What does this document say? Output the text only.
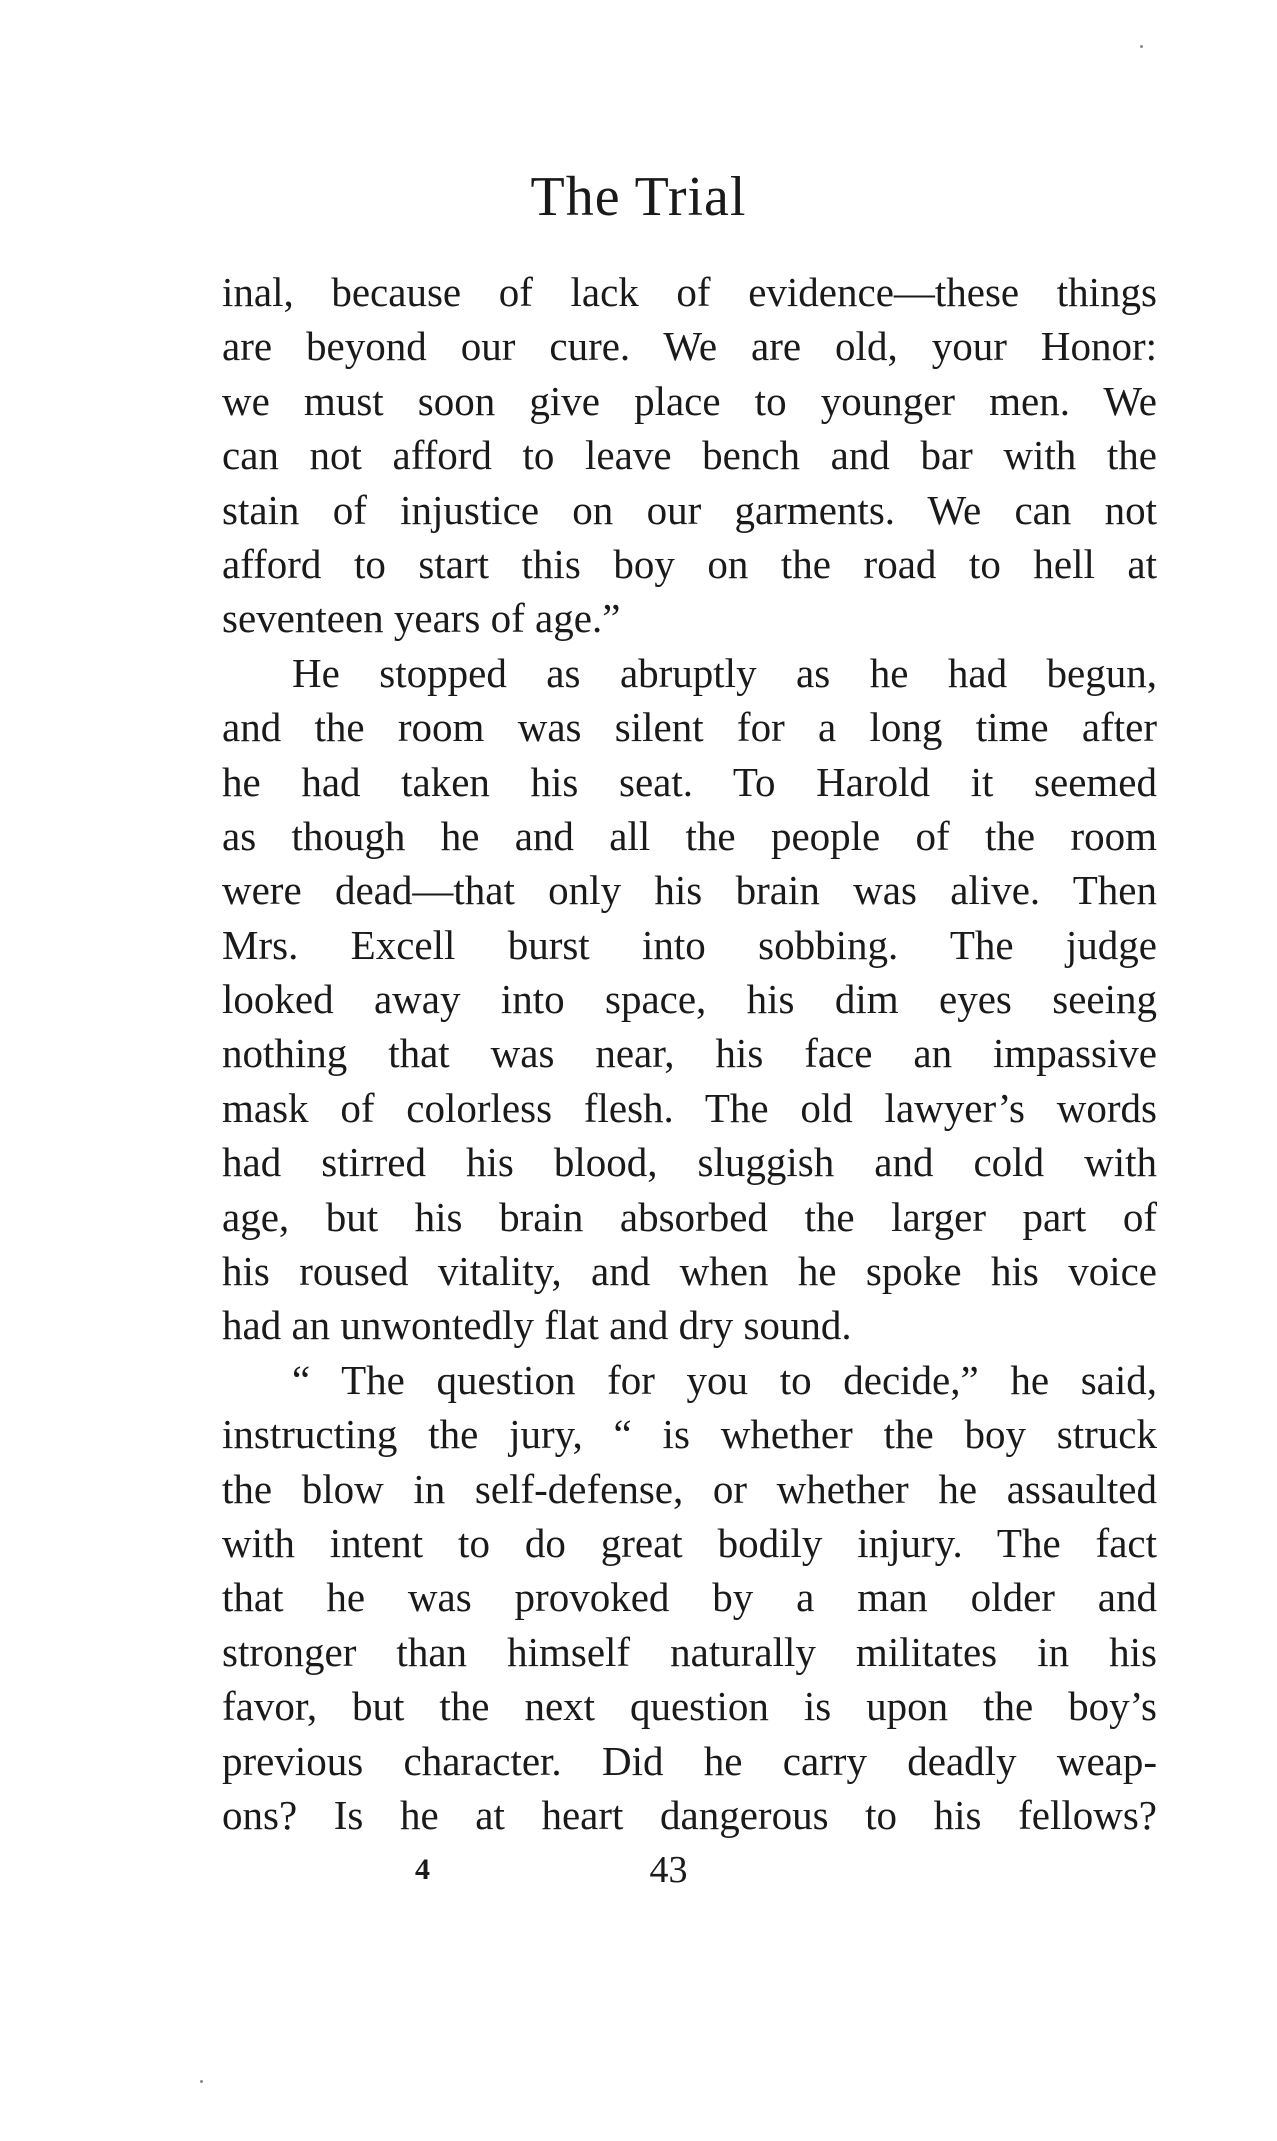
The Trial
inal, because of lack of evidence—these things
are beyond our cure. We are old, your Honor:
we must soon give place to younger men. We
can not afford to leave bench and bar with the
stain of injustice on our garments. We can not
afford to start this boy on the road to hell at
seventeen years of age.”
He stopped as abruptly as he had begun,
and the room was silent for a long time after
he had taken his seat. To Harold it seemed
as though he and all the people of the room
were dead—that only his brain was alive. Then
Mrs. Excell burst into sobbing. The judge
looked away into space, his dim eyes seeing
nothing that was near, his face an impassive
mask of colorless flesh. The old lawyer’s words
had stirred his blood, sluggish and cold with
age, but his brain absorbed the larger part of
his roused vitality, and when he spoke his voice
had an unwontedly flat and dry sound.
“ The question for you to decide,” he said,
instructing the jury, “ is whether the boy struck
the blow in self-defense, or whether he assaulted
with intent to do great bodily injury. The fact
that he was provoked by a man older and
stronger than himself naturally militates in his
favor, but the next question is upon the boy’s
previous character. Did he carry deadly weap-
ons? Is he at heart dangerous to his fellows?
4	43
